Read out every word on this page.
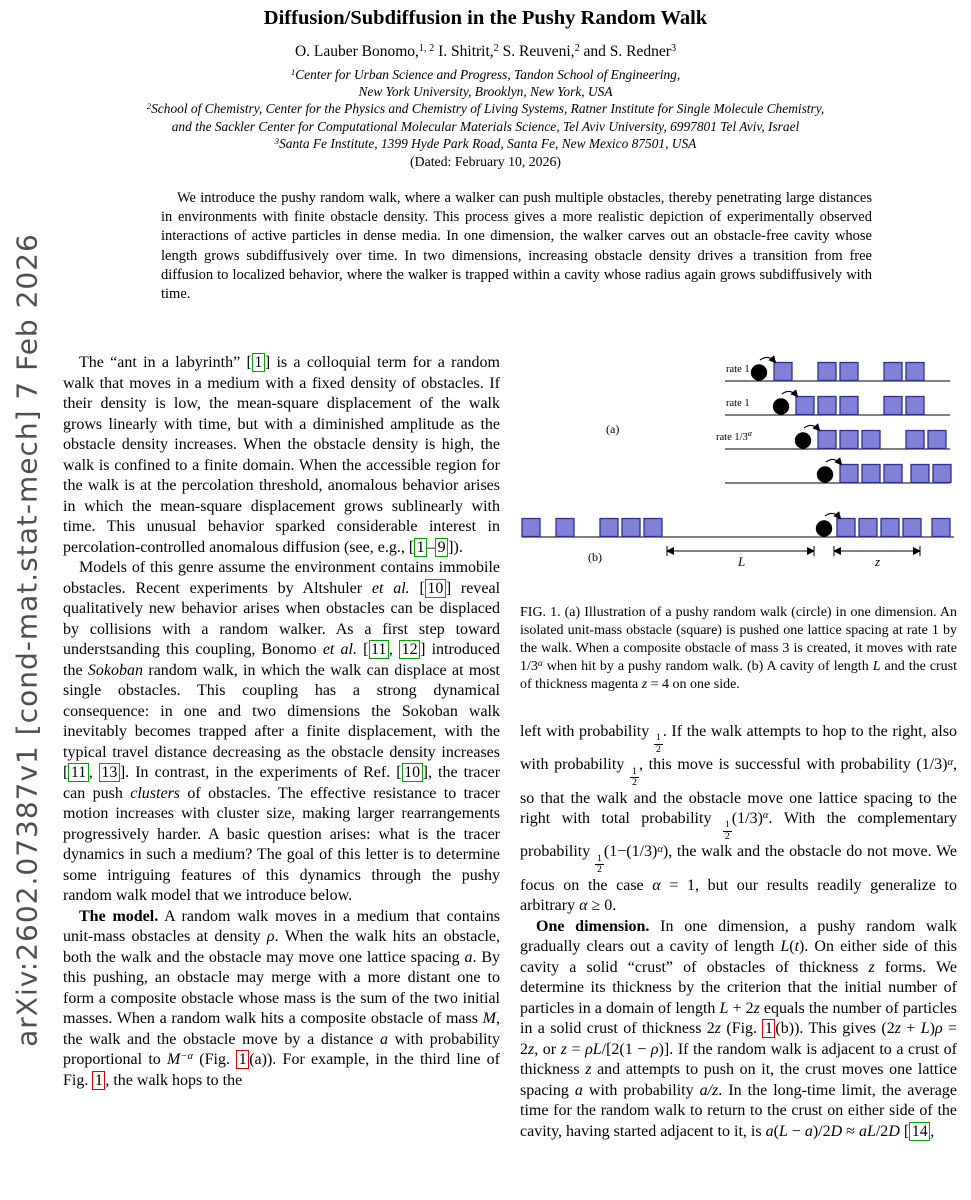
arXiv:2602.07387v1 [cond-mat.stat-mech] 7 Feb 2026
Diffusion/Subdiffusion in the Pushy Random Walk
O. Lauber Bonomo,$^{1, 2}$ I. Shitrit,$^2$ S. Reuveni,$^2$ and S. Redner$^3$
$^1$Center for Urban Science and Progress, Tandon School of Engineering,
New York University, Brooklyn, New York, USA
$^2$School of Chemistry, Center for the Physics and Chemistry of Living Systems, Ratner Institute for Single Molecule Chemistry,
and the Sackler Center for Computational Molecular Materials Science, Tel Aviv University, 6997801 Tel Aviv, Israel
$^3$Santa Fe Institute, 1399 Hyde Park Road, Santa Fe, New Mexico 87501, USA
(Dated: February 10, 2026)
We introduce the pushy random walk, where a walker can push multiple obstacles, thereby penetrating large distances in environments with finite obstacle density. This process gives a more realistic depiction of experimentally observed interactions of active particles in dense media. In one dimension, the walker carves out an obstacle-free cavity whose length grows subdiffusively over time. In two dimensions, increasing obstacle density drives a transition from free diffusion to localized behavior, where the walker is trapped within a cavity whose radius again grows subdiffusively with time.

The “ant in a labyrinth” [ 1 ] is a colloquial term for a random walk that moves in a medium with a fixed density of obstacles. If their density is low, the mean-square displacement of the walk grows linearly with time, but with a diminished amplitude as the obstacle density increases. When the obstacle density is high, the walk is confined to a finite domain. When the accessible region for the walk is at the percolation threshold, anomalous behavior arises in which the mean-square displacement grows sublinearly with time. This unusual behavior sparked considerable interest in percolation-controlled anomalous diffusion (see, e.g., [ 1 – 9 ]).

Models of this genre assume the environment contains immobile obstacles. Recent experiments by Altshuler et al. [ 10 ] reveal qualitatively new behavior arises when obstacles can be displaced by collisions with a random walker. As a first step toward understsanding this coupling, Bonomo et al. [ 11 , 12 ] introduced the Sokoban random walk, in which the walk can displace at most single obstacles. This coupling has a strong dynamical consequence: in one and two dimensions the Sokoban walk inevitably becomes trapped after a finite displacement, with the typical travel distance decreasing as the obstacle density increases [ 11 , 13 ]. In contrast, in the experiments of Ref. [ 10 ], the tracer can push clusters of obstacles. The effective resistance to tracer motion increases with cluster size, making larger rearrangements progressively harder. A basic question arises: what is the tracer dynamics in such a medium? The goal of this letter is to determine some intriguing features of this dynamics through the pushy random walk model that we introduce below.

The model. A random walk moves in a medium that contains unit-mass obstacles at density ρ. When the walk hits an obstacle, both the walk and the obstacle may move one lattice spacing a. By this pushing, an obstacle may merge with a more distant one to form a composite obstacle whose mass is the sum of the two initial masses. When a random walk hits a composite obstacle of mass M, the walk and the obstacle move by a distance a with probability proportional to $M^{-\alpha}$ (Fig. 1 (a)). For example, in the third line of Fig. 1 , the walk hops to the

rate 1
rate 1
rate $1/3^\alpha$
(a)
(b)	L	z
FIG. 1. (a) Illustration of a pushy random walk (circle) in one dimension. An isolated unit-mass obstacle (square) is pushed one lattice spacing at rate 1 by the walk. When a composite obstacle of mass 3 is created, it moves with rate $1/3^\alpha$ when hit by a pushy random walk. (b) A cavity of length L and the crust of thickness magenta z = 4 on one side.

left with probability
$\frac{1}{2}$
. If the walk attempts to hop to the right, also with probability
$\frac{1}{2}$
, this move is successful with probability $(1/3)^\alpha$, so that the walk and the obstacle move one lattice spacing to the right with total probability
$\frac{1}{2}$
$(1/3)^\alpha$. With the complementary probability
$\frac{1}{2}$
$(1-(1/3)^\alpha)$, the walk and the obstacle do not move. We focus on the case α = 1, but our results readily generalize to arbitrary α ≥ 0.

One dimension. In one dimension, a pushy random walk gradually clears out a cavity of length L(t). On either side of this cavity a solid “crust” of obstacles of thickness z forms. We determine its thickness by the criterion that the initial number of particles in a domain of length L + 2z equals the number of particles in a solid crust of thickness 2z (Fig. 1 (b)). This gives (2z + L)ρ = 2z, or z = ρL/[2(1 − ρ)]. If the random walk is adjacent to a crust of thickness z and attempts to push on it, the crust moves one lattice spacing a with probability a/z. In the long-time limit, the average time for the random walk to return to the crust on either side of the cavity, having started adjacent to it, is a(L − a)/2D ≈ aL/2D [ 14 ,
